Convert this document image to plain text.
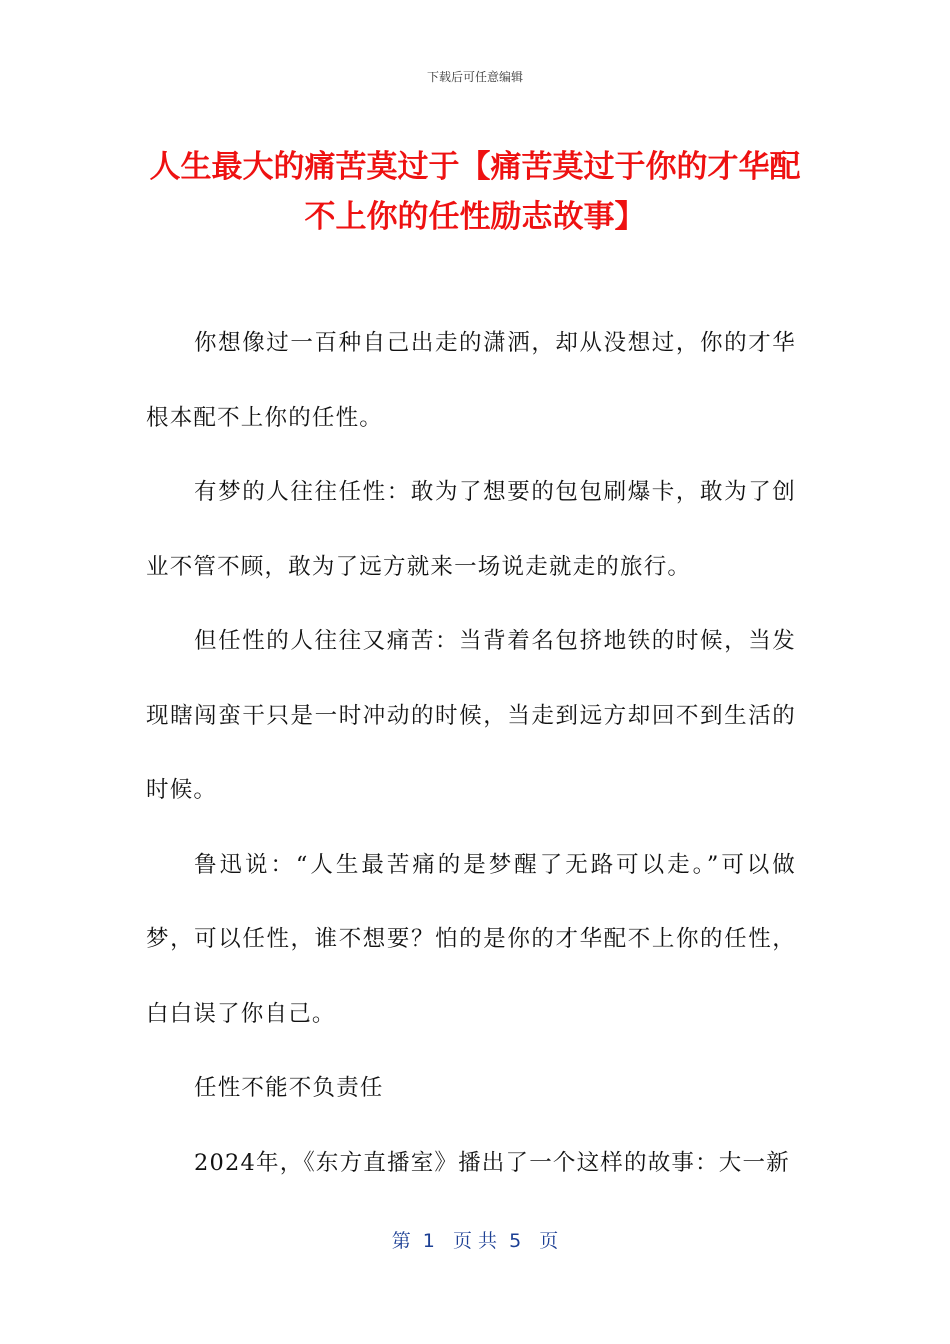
下载后可任意编辑
人生最大的痛苦莫过于【痛苦莫过于你的才华配不上你的任性励志故事】

你想像过一百种自己出走的潇洒，却从没想过，你的才华根本配不上你的任性。

有梦的人往往任性：敢为了想要的包包刷爆卡，敢为了创业不管不顾，敢为了远方就来一场说走就走的旅行。

但任性的人往往又痛苦：当背着名包挤地铁的时候，当发现瞎闯蛮干只是一时冲动的时候，当走到远方却回不到生活的时候。

鲁迅说：“人生最苦痛的是梦醒了无路可以走。”可以做梦，可以任性，谁不想要？怕的是你的才华配不上你的任性，白白误了你自己。

任性不能不负责任

2024年，《东方直播室》播出了一个这样的故事：大一新

第  1   页 共  5   页
